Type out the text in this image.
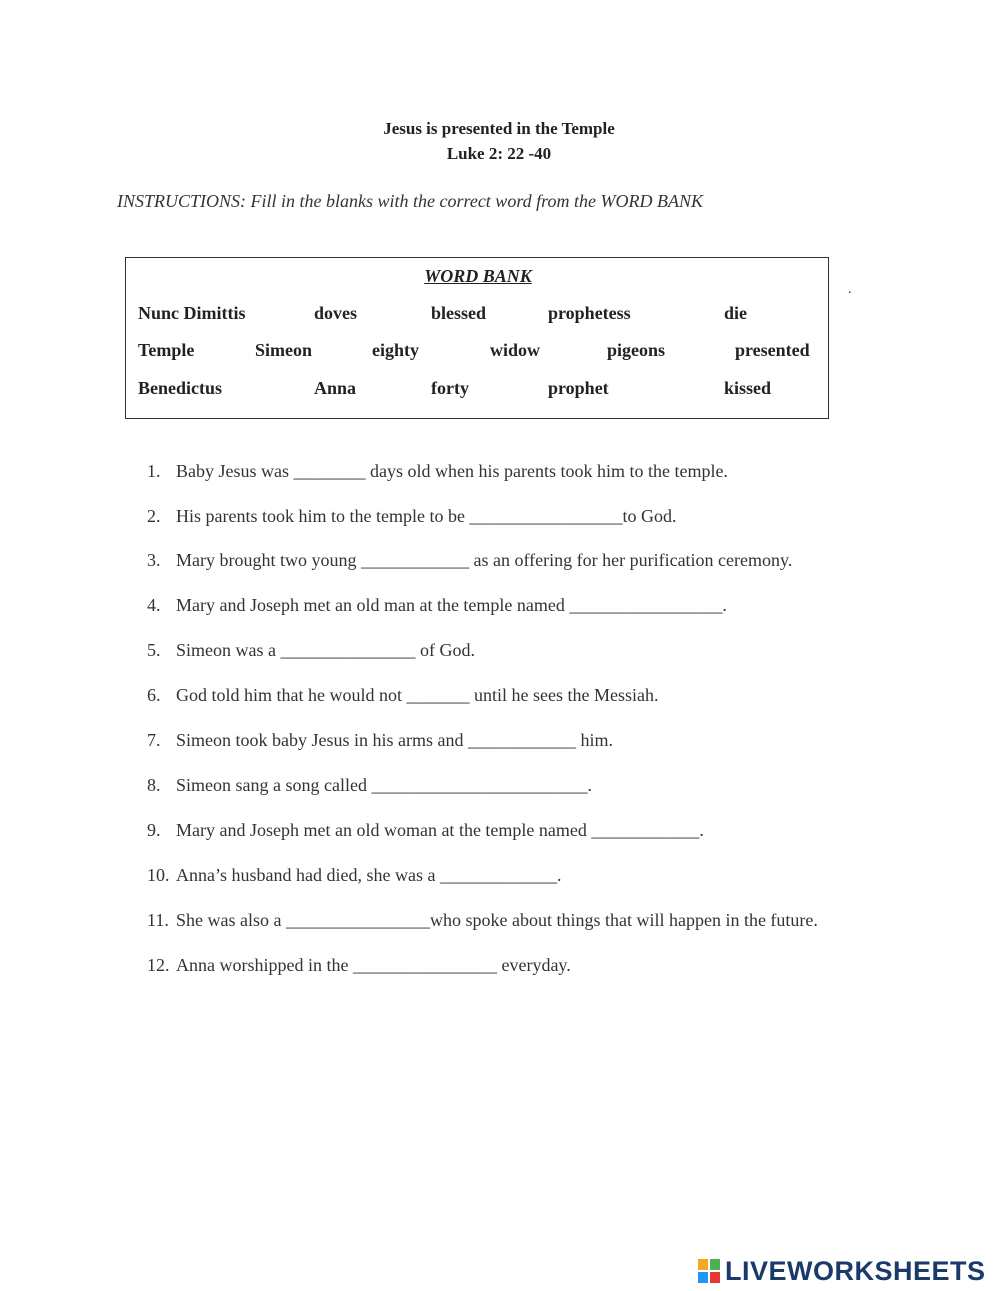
Jesus is presented in the Temple
Luke 2: 22 -40
INSTRUCTIONS: Fill in the blanks with the correct word from the WORD BANK
WORD BANK
Nunc Dimittis	doves	blessed	prophetess	die
Temple	Simeon	eighty	widow	pigeons	presented
Benedictus	Anna	forty	prophet	kissed
.
1. Baby Jesus was ________ days old when his parents took him to the temple.
2. His parents took him to the temple to be _________________to God.
3. Mary brought two young ____________ as an offering for her purification ceremony.
4. Mary and Joseph met an old man at the temple named _________________.
5. Simeon was a _______________ of God.
6. God told him that he would not _______ until he sees the Messiah.
7. Simeon took baby Jesus in his arms and ____________ him.
8. Simeon sang a song called ________________________.
9. Mary and Joseph met an old woman at the temple named ____________.
10. Anna’s husband had died, she was a _____________.
11. She was also a ________________who spoke about things that will happen in the future.
12. Anna worshipped in the ________________ everyday.
LIVEWORKSHEETS
